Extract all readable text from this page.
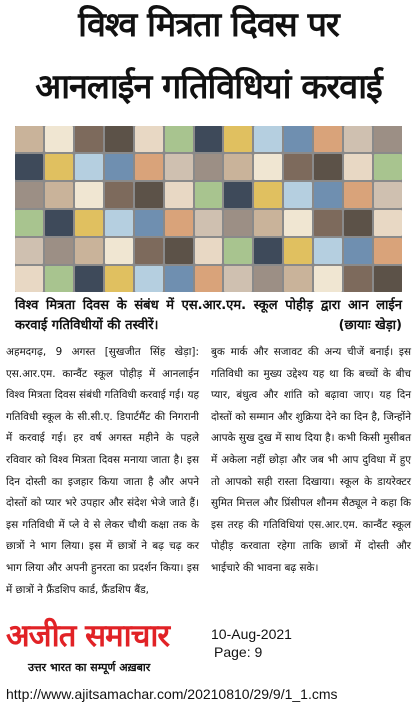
विश्व मित्रता दिवस पर
आनलाईन गतिविधियां करवाई
विश्व मित्रता दिवस के संबंध में एस.आर.एम. स्कूल पोहीड़ द्वारा आन लाईन करवाई गतिविधीयों की तस्वीरें।	(छायाः खेड़ा)
अहमदगढ़, 9 अगस्त [सुखजीत सिंह खेड़ा]: एस.आर.एम. कान्वैंट स्कूल पोहीड़ में आनलाईन विश्व मित्रता दिवस संबंधी गतिविधी करवाई गई। यह गतिविधी स्कूल के सी.सी.ए. डिपार्टमैंट की निगरानी में करवाई गई। हर वर्ष अगस्त महीने के पहले रविवार को विश्व मित्रता दिवस मनाया जाता है। इस दिन दोस्ती का इजहार किया जाता है और अपने दोस्तों को प्यार भरे उपहार और संदेश भेजे जाते हैं। इस गतिविधी में प्ले वे से लेकर चौथी कक्षा तक के छात्रों ने भाग लिया। इस में छात्रों ने बढ़ चढ़ कर भाग लिया और अपनी हुनरता का प्रदर्शन किया। इस में छात्रों ने फ्रैंडशिप कार्ड, फ्रैंडशिप बैंड,
बुक मार्क और सजावट की अन्य चीजें बनाई। इस गतिविधी का मुख्य उद्देश्य यह था कि बच्चों के बीच प्यार, बंधुत्व और शांति को बढ़ावा जाए। यह दिन दोस्तों को सम्मान और शुक्रिया देने का दिन है, जिन्होंने आपके सुख दुख में साथ दिया है। कभी किसी मुसीबत में अकेला नहीं छोड़ा और जब भी आप दुविधा में हुए तो आपको सही रास्ता दिखाया। स्कूल के डायरेक्टर सुमित मित्तल और प्रिंसीपल शौनम सैठ्यूल ने कहा कि इस तरह की गतिविधियां एस.आर.एम. कान्वैंट स्कूल पोहीड़ करवाता रहेगा ताकि छात्रों में दोस्ती और भाईचारे की भावना बढ़ सके।
अजीत समाचार
उत्तर भारत का सम्पूर्ण अख़बार
10-Aug-2021
Page: 9
http://www.ajitsamachar.com/20210810/29/9/1_1.cms
